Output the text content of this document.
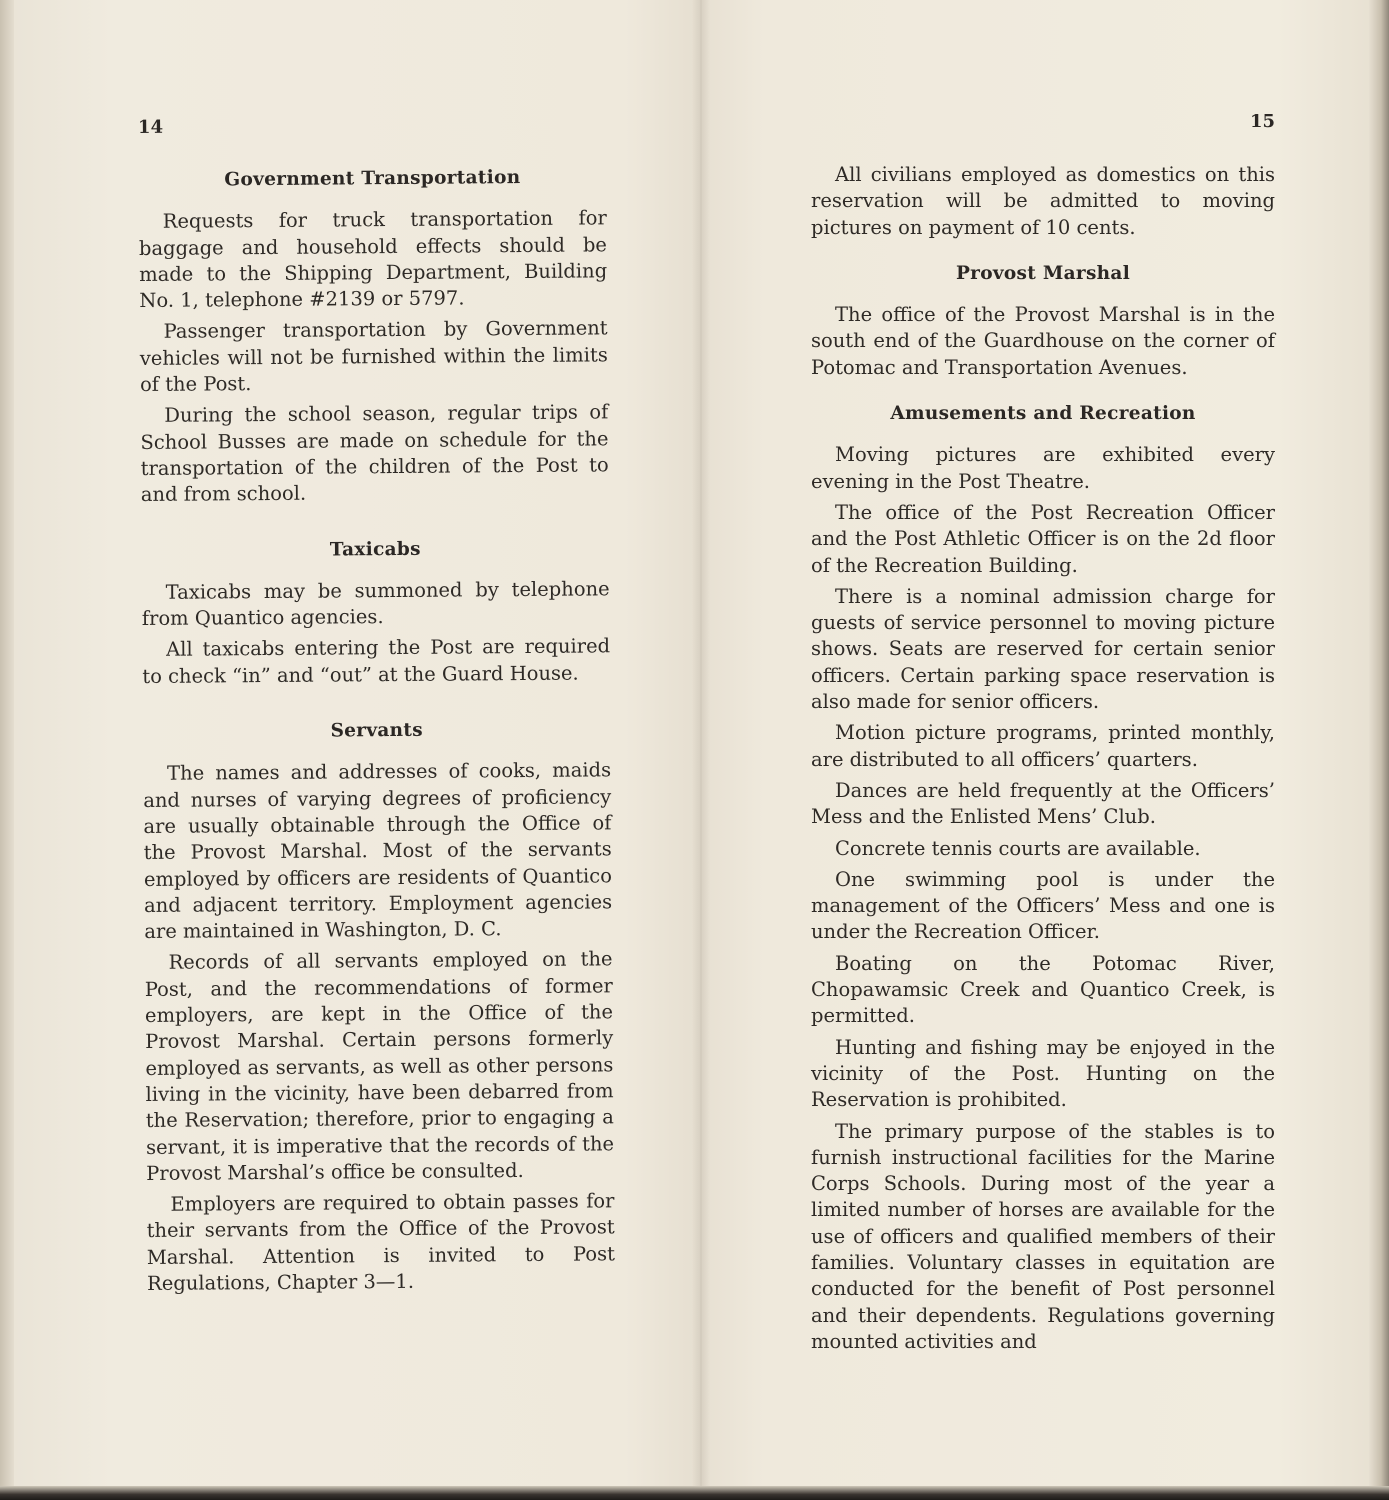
14
Government Transportation

Requests for truck transportation for baggage and household effects should be made to the Shipping Department, Building No. 1, telephone #2139 or 5797.

Passenger transportation by Government vehicles will not be furnished within the limits of the Post.

During the school season, regular trips of School Busses are made on schedule for the transportation of the children of the Post to and from school.

Taxicabs

Taxicabs may be summoned by telephone from Quantico agencies.

All taxicabs entering the Post are required to check “in” and “out” at the Guard House.

Servants

The names and addresses of cooks, maids and nurses of varying degrees of proficiency are usually obtainable through the Office of the Provost Marshal. Most of the servants employed by officers are residents of Quantico and adjacent territory. Employment agencies are maintained in Washington, D. C.

Records of all servants employed on the Post, and the recommendations of former employers, are kept in the Office of the Provost Marshal. Certain persons formerly employed as servants, as well as other persons living in the vicinity, have been debarred from the Reservation; therefore, prior to engaging a servant, it is imperative that the records of the Provost Marshal’s office be consulted.

Employers are required to obtain passes for their servants from the Office of the Provost Marshal. Attention is invited to Post Regulations, Chapter 3—1.

15

All civilians employed as domestics on this reservation will be admitted to moving pictures on payment of 10 cents.

Provost Marshal

The office of the Provost Marshal is in the south end of the Guardhouse on the corner of Potomac and Transportation Avenues.

Amusements and Recreation

Moving pictures are exhibited every evening in the Post Theatre.

The office of the Post Recreation Officer and the Post Athletic Officer is on the 2d floor of the Recreation Building.

There is a nominal admission charge for guests of service personnel to moving picture shows. Seats are reserved for certain senior officers. Certain parking space reservation is also made for senior officers.

Motion picture programs, printed monthly, are distributed to all officers’ quarters.

Dances are held frequently at the Officers’ Mess and the Enlisted Mens’ Club.

Concrete tennis courts are available.

One swimming pool is under the management of the Officers’ Mess and one is under the Recreation Officer.

Boating on the Potomac River, Chopawamsic Creek and Quantico Creek, is permitted.

Hunting and fishing may be enjoyed in the vicinity of the Post. Hunting on the Reservation is prohibited.

The primary purpose of the stables is to furnish instructional facilities for the Marine Corps Schools. During most of the year a limited number of horses are available for the use of officers and qualified members of their families. Voluntary classes in equitation are conducted for the benefit of Post personnel and their dependents. Regulations governing mounted activities and
